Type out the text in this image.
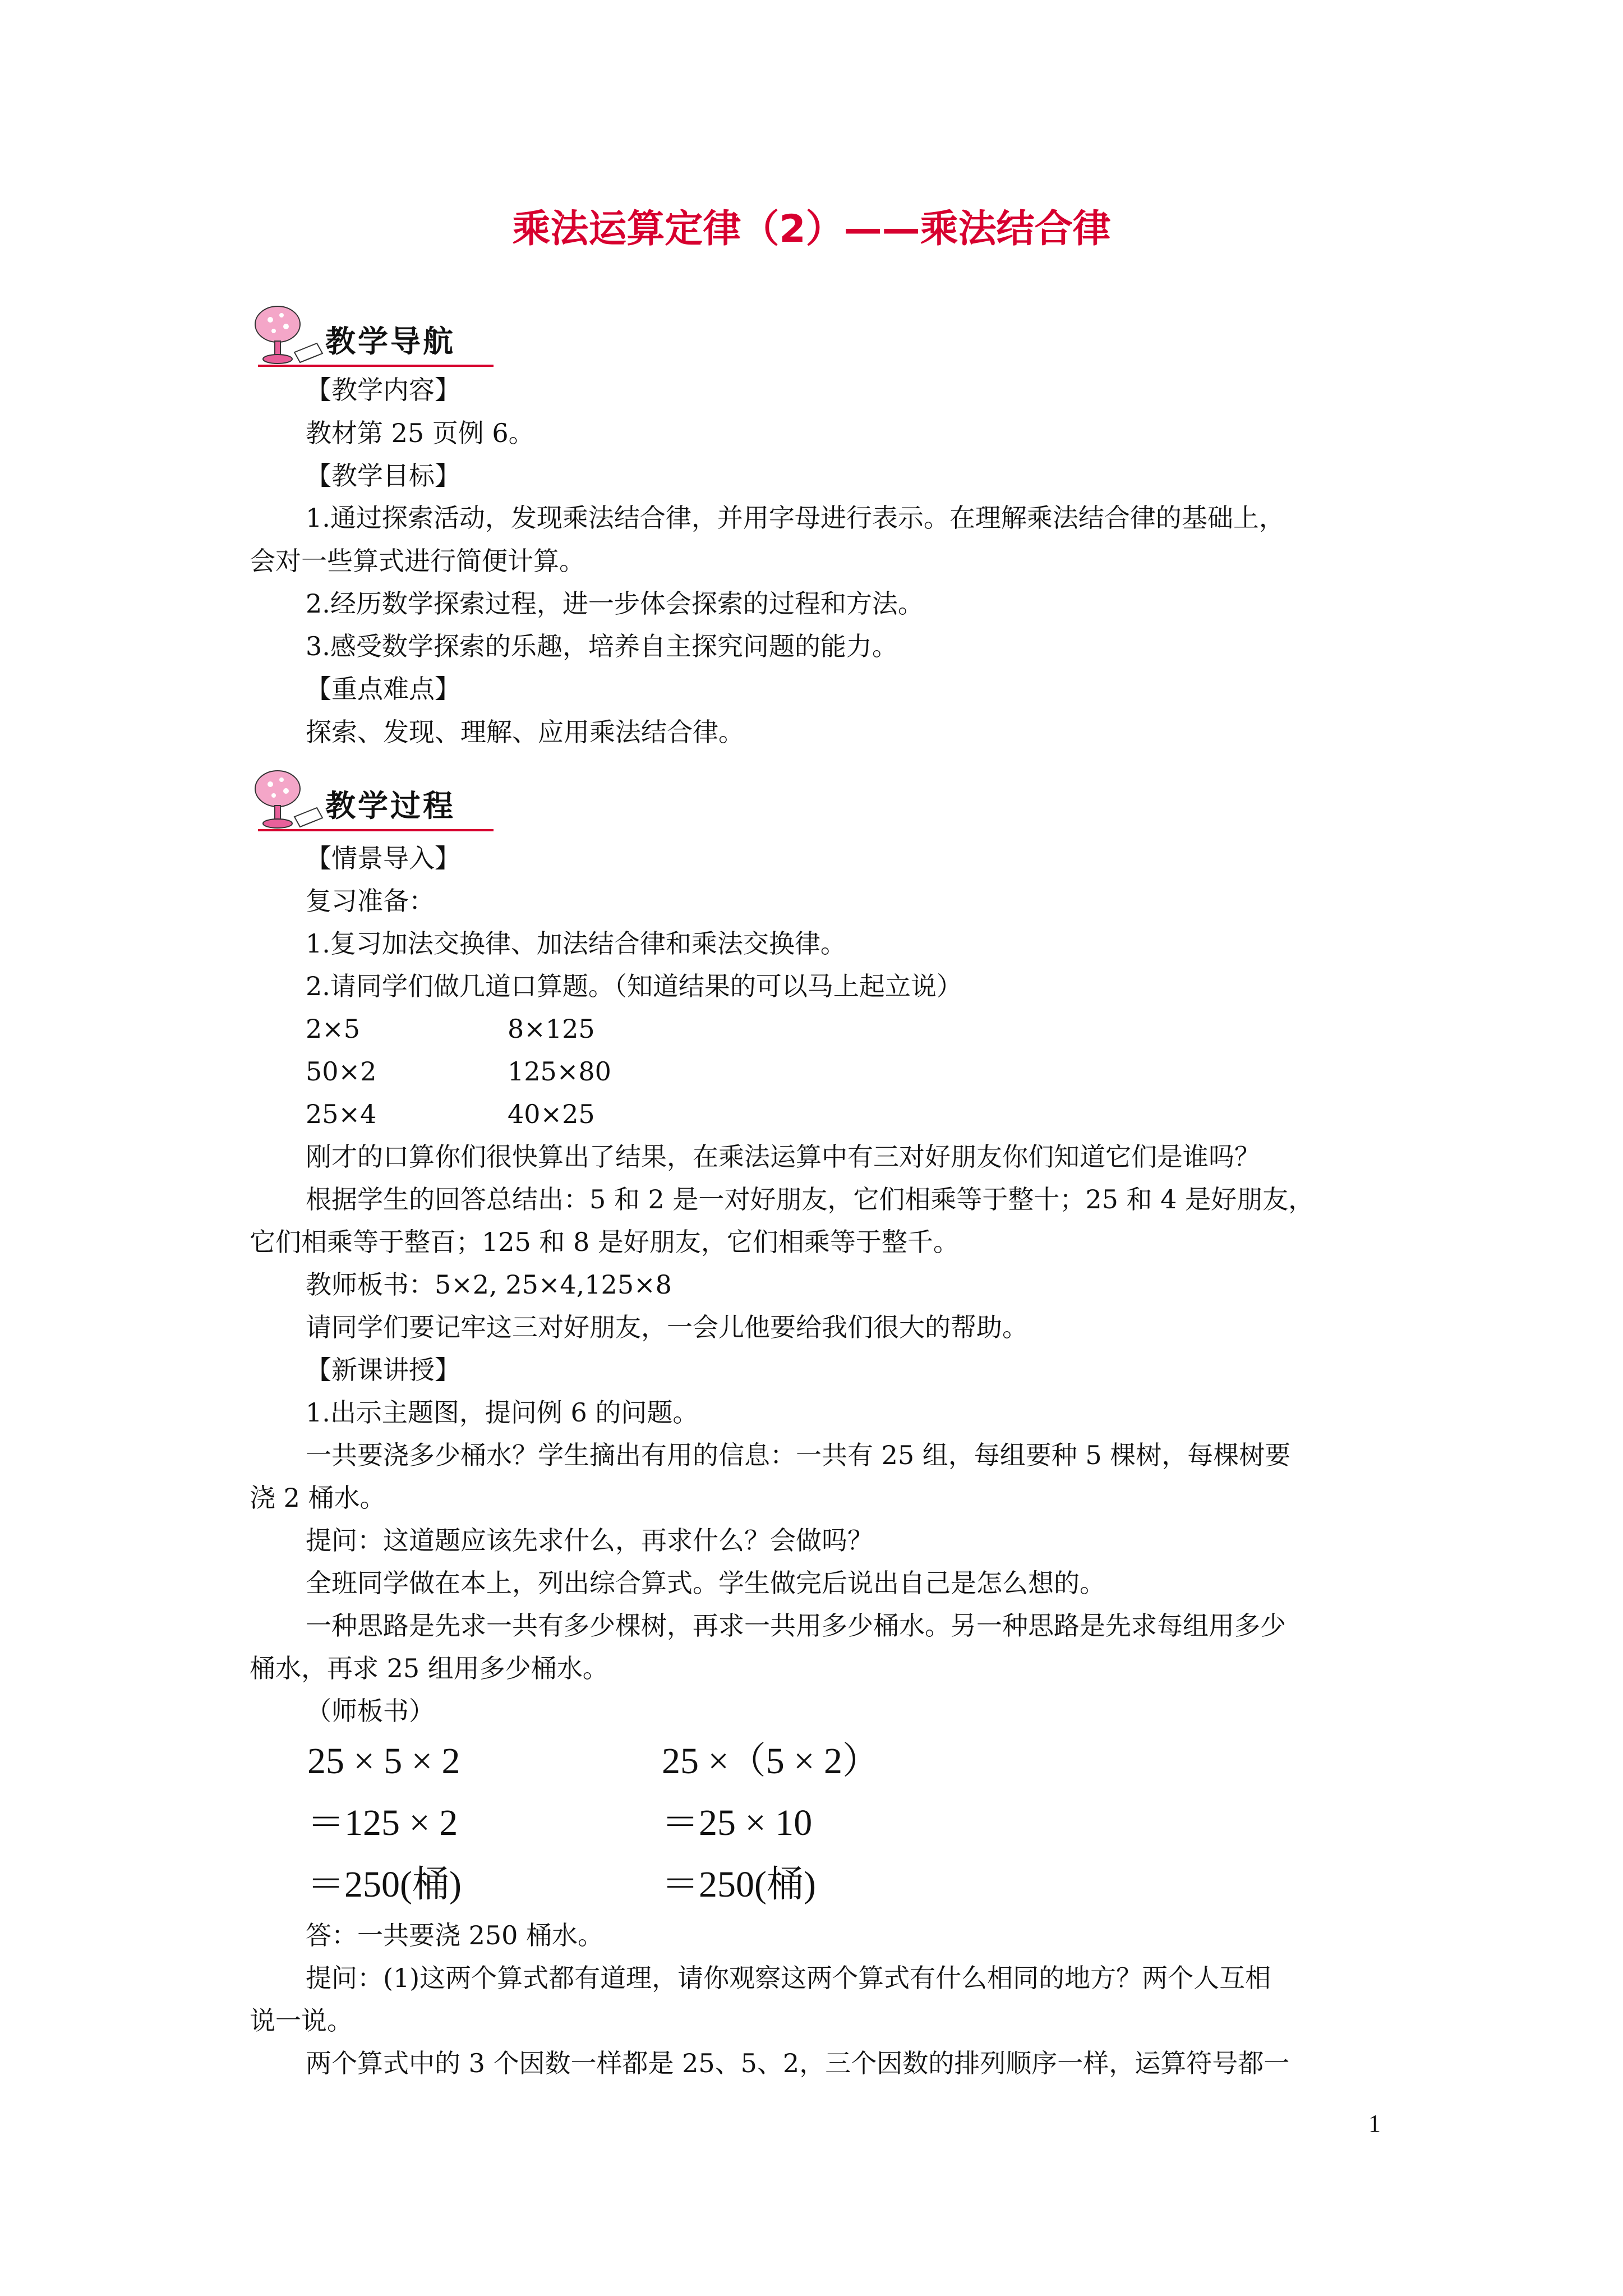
乘法运算定律（2）——乘法结合律
教学导航

【教学内容】

教材第 25 页例 6。

【教学目标】

1.通过探索活动，发现乘法结合律，并用字母进行表示。在理解乘法结合律的基础上，

会对一些算式进行简便计算。

2.经历数学探索过程，进一步体会探索的过程和方法。

3.感受数学探索的乐趣，培养自主探究问题的能力。

【重点难点】

探索、发现、理解、应用乘法结合律。

教学过程

【情景导入】

复习准备：

1.复习加法交换律、加法结合律和乘法交换律。

2.请同学们做几道口算题。（知道结果的可以马上起立说）

2×5

50×2

25×4

8×125

125×80

40×25

刚才的口算你们很快算出了结果，在乘法运算中有三对好朋友你们知道它们是谁吗？

根据学生的回答总结出：5 和 2 是一对好朋友，它们相乘等于整十；25 和 4 是好朋友，

它们相乘等于整百；125 和 8 是好朋友，它们相乘等于整千。

教师板书：5×2, 25×4,125×8

请同学们要记牢这三对好朋友，一会儿他要给我们很大的帮助。

【新课讲授】

1.出示主题图，提问例 6 的问题。

一共要浇多少桶水？学生摘出有用的信息：一共有 25 组，每组要种 5 棵树，每棵树要

浇 2 桶水。

提问：这道题应该先求什么，再求什么？会做吗？

全班同学做在本上，列出综合算式。学生做完后说出自己是怎么想的。

一种思路是先求一共有多少棵树，再求一共用多少桶水。另一种思路是先求每组用多少

桶水，再求 25 组用多少桶水。

（师板书）

25 × 5 × 2
＝125 × 2
＝250(桶)
25 ×（5 × 2）
＝25 × 10
＝250(桶)

答：一共要浇 250 桶水。

提问：(1)这两个算式都有道理，请你观察这两个算式有什么相同的地方？两个人互相

说一说。

两个算式中的 3 个因数一样都是 25、5、2，三个因数的排列顺序一样，运算符号都一

1
